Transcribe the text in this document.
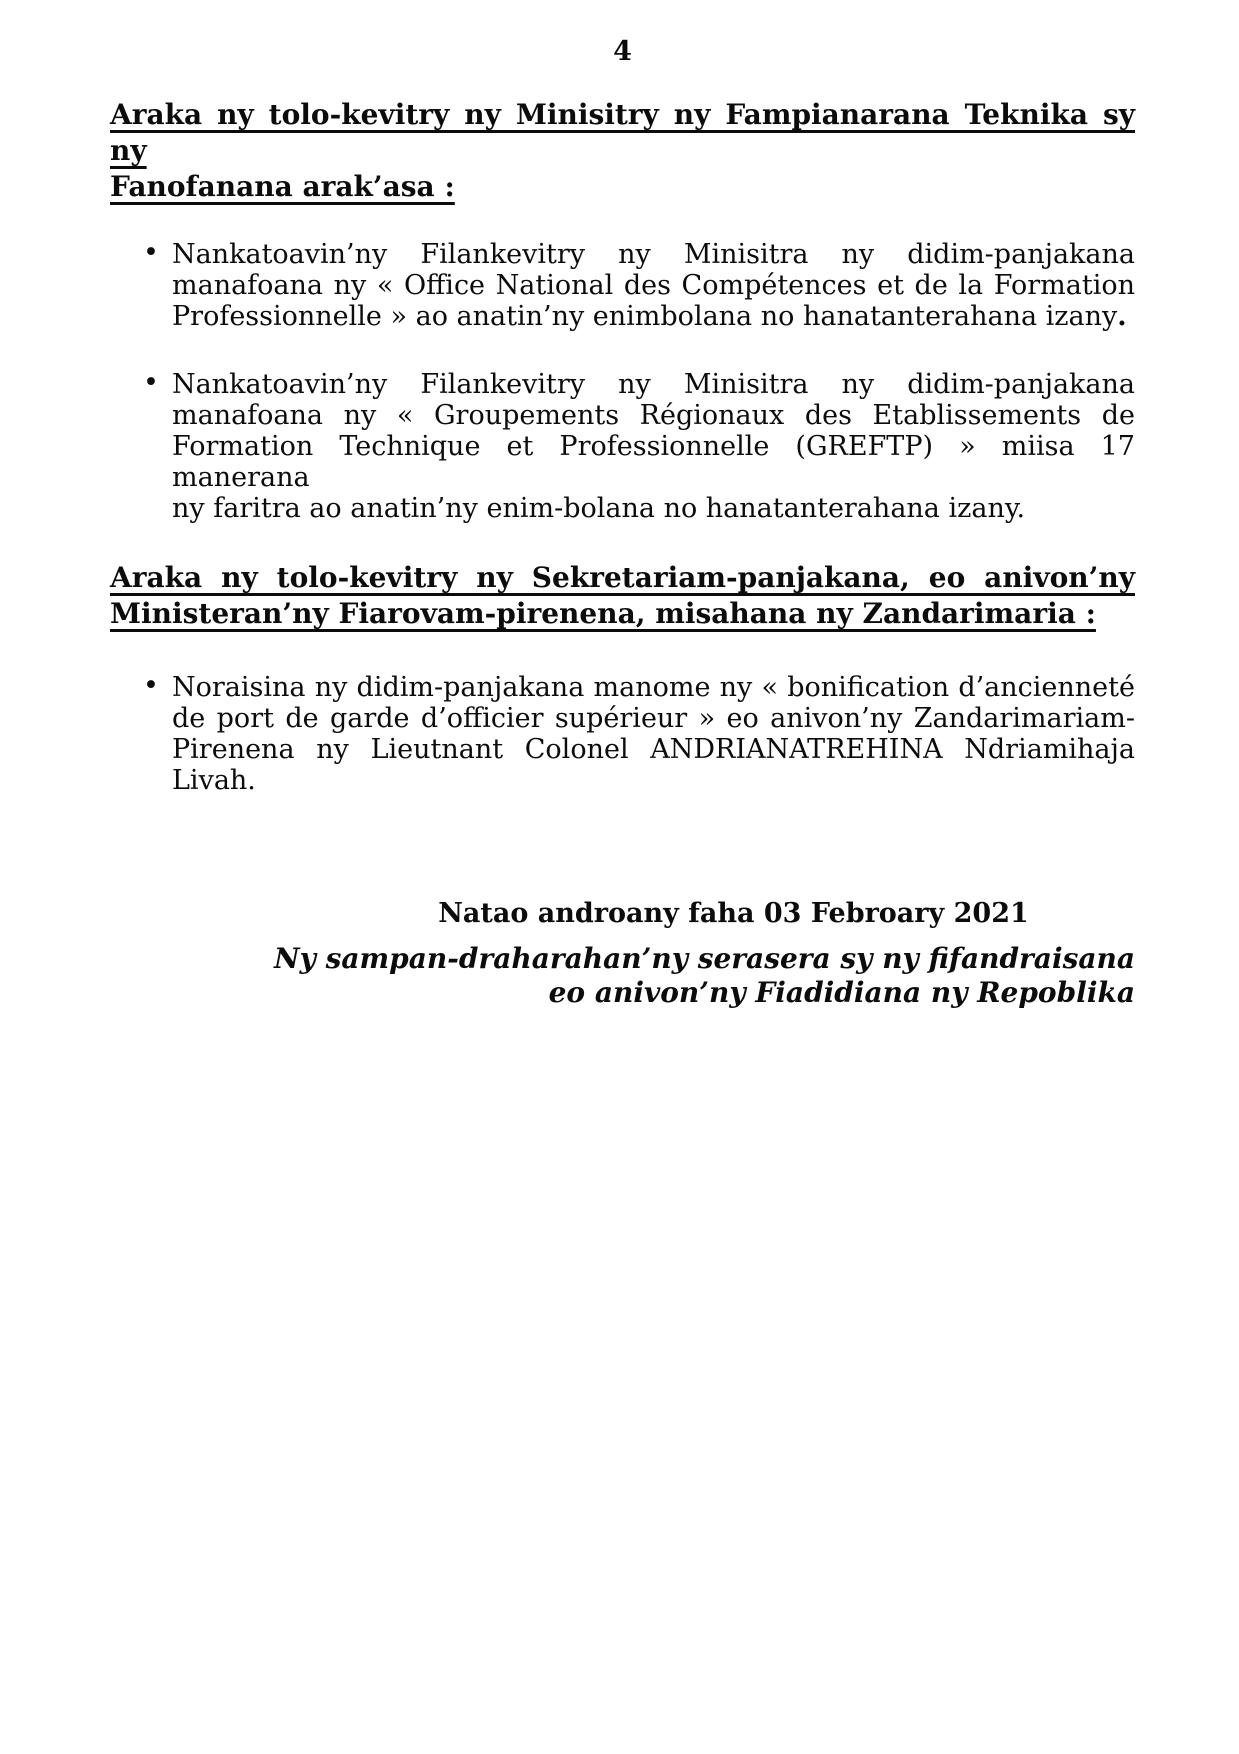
4
Araka ny tolo-kevitry ny Minisitry ny Fampianarana Teknika sy ny
Fanofanana arak’asa :
• Nankatoavin’ny Filankevitry ny Minisitra ny didim-panjakana
manafoana ny « Office National des Compétences et de la Formation
Professionnelle » ao anatin’ny enimbolana no hanatanterahana izany.
• Nankatoavin’ny Filankevitry ny Minisitra ny didim-panjakana
manafoana ny « Groupements Régionaux des Etablissements de
Formation Technique et Professionnelle (GREFTP) » miisa 17 manerana
ny faritra ao anatin’ny enim-bolana no hanatanterahana izany.
Araka ny tolo-kevitry ny Sekretariam-panjakana, eo anivon’ny
Ministeran’ny Fiarovam-pirenena, misahana ny Zandarimaria :
• Noraisina ny didim-panjakana manome ny « bonification d’ancienneté
de port de garde d’officier supérieur » eo anivon’ny Zandarimariam-
Pirenena ny Lieutnant Colonel ANDRIANATREHINA Ndriamihaja Livah.
Natao androany faha 03 Febroary 2021
Ny sampan-draharahan’ny serasera sy ny fifandraisana
eo anivon’ny Fiadidiana ny Repoblika
